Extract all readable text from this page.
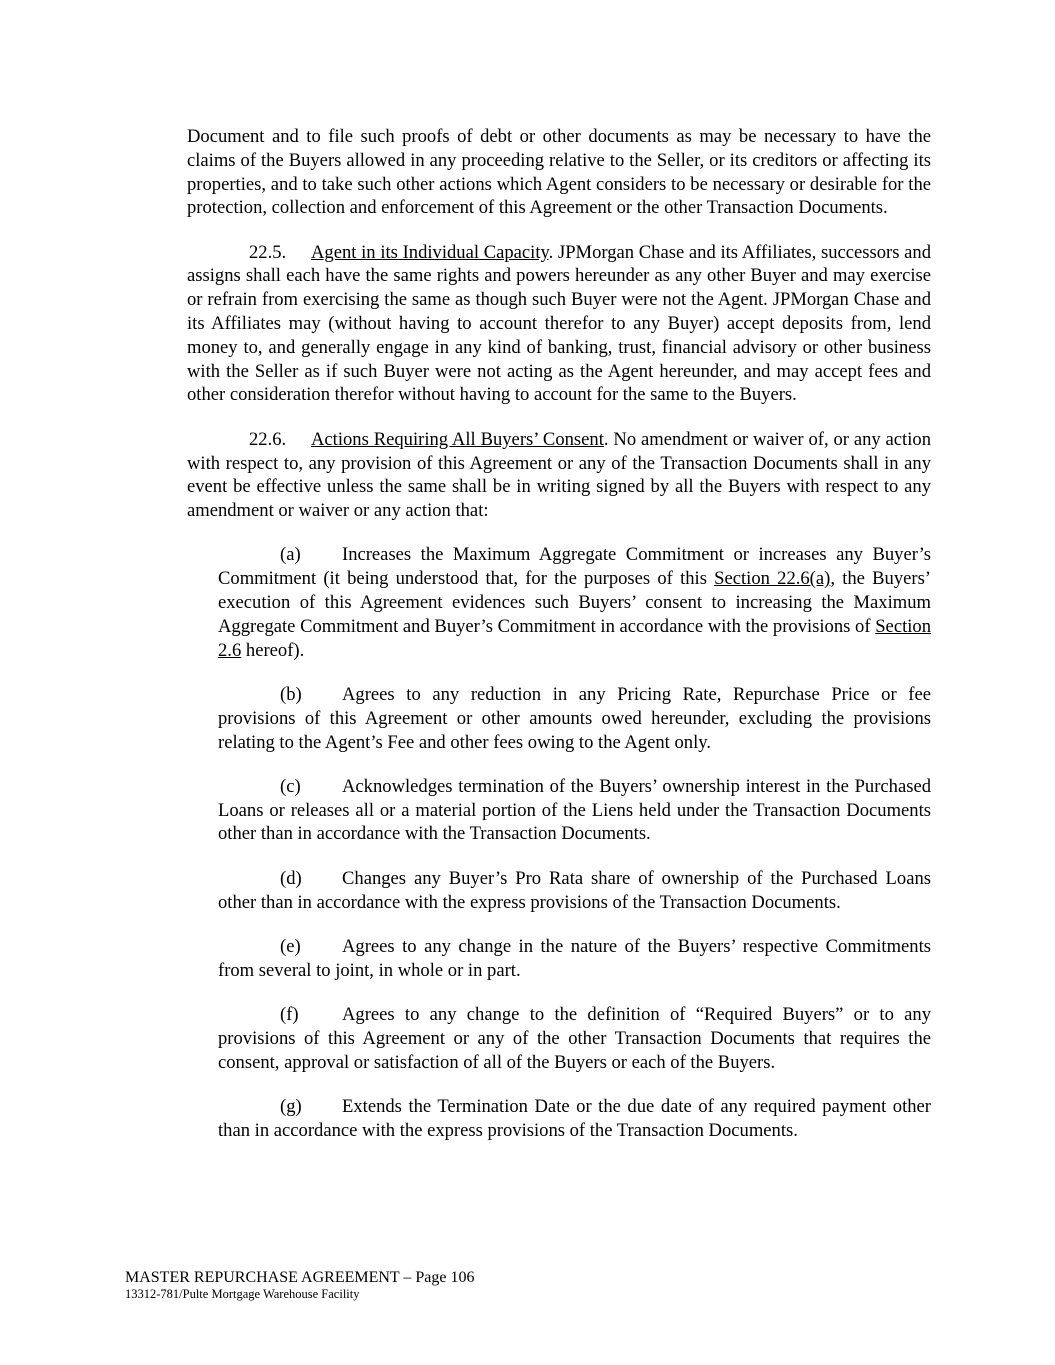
Document and to file such proofs of debt or other documents as may be necessary to have the claims of the Buyers allowed in any proceeding relative to the Seller, or its creditors or affecting its properties, and to take such other actions which Agent considers to be necessary or desirable for the protection, collection and enforcement of this Agreement or the other Transaction Documents.

22.5. Agent in its Individual Capacity. JPMorgan Chase and its Affiliates, successors and assigns shall each have the same rights and powers hereunder as any other Buyer and may exercise or refrain from exercising the same as though such Buyer were not the Agent. JPMorgan Chase and its Affiliates may (without having to account therefor to any Buyer) accept deposits from, lend money to, and generally engage in any kind of banking, trust, financial advisory or other business with the Seller as if such Buyer were not acting as the Agent hereunder, and may accept fees and other consideration therefor without having to account for the same to the Buyers.

22.6. Actions Requiring All Buyers’ Consent. No amendment or waiver of, or any action with respect to, any provision of this Agreement or any of the Transaction Documents shall in any event be effective unless the same shall be in writing signed by all the Buyers with respect to any amendment or waiver or any action that:

(a) Increases the Maximum Aggregate Commitment or increases any Buyer’s Commitment (it being understood that, for the purposes of this Section 22.6(a), the Buyers’ execution of this Agreement evidences such Buyers’ consent to increasing the Maximum Aggregate Commitment and Buyer’s Commitment in accordance with the provisions of Section 2.6 hereof).

(b) Agrees to any reduction in any Pricing Rate, Repurchase Price or fee provisions of this Agreement or other amounts owed hereunder, excluding the provisions relating to the Agent’s Fee and other fees owing to the Agent only.

(c) Acknowledges termination of the Buyers’ ownership interest in the Purchased Loans or releases all or a material portion of the Liens held under the Transaction Documents other than in accordance with the Transaction Documents.

(d) Changes any Buyer’s Pro Rata share of ownership of the Purchased Loans other than in accordance with the express provisions of the Transaction Documents.

(e) Agrees to any change in the nature of the Buyers’ respective Commitments from several to joint, in whole or in part.

(f) Agrees to any change to the definition of “Required Buyers” or to any provisions of this Agreement or any of the other Transaction Documents that requires the consent, approval or satisfaction of all of the Buyers or each of the Buyers.

(g) Extends the Termination Date or the due date of any required payment other than in accordance with the express provisions of the Transaction Documents.

MASTER REPURCHASE AGREEMENT – Page 106
13312-781/Pulte Mortgage Warehouse Facility
